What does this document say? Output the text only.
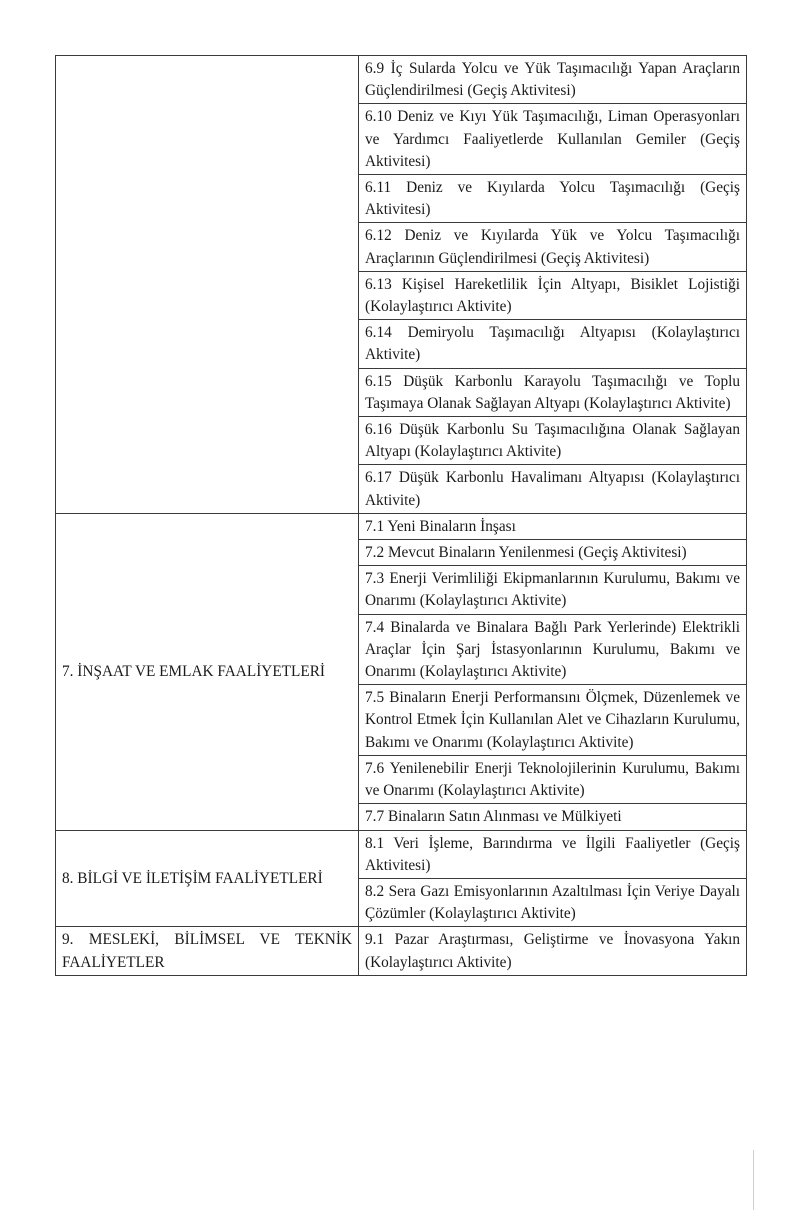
	6.9 İç Sularda Yolcu ve Yük Taşımacılığı Yapan Araçların Güçlendirilmesi (Geçiş Aktivitesi)

	6.10 Deniz ve Kıyı Yük Taşımacılığı, Liman Operasyonları ve Yardımcı Faaliyetlerde Kullanılan Gemiler (Geçiş Aktivitesi)

	6.11 Deniz ve Kıyılarda Yolcu Taşımacılığı (Geçiş Aktivitesi)

	6.12 Deniz ve Kıyılarda Yük ve Yolcu Taşımacılığı Araçlarının Güçlendirilmesi (Geçiş Aktivitesi)

	6.13 Kişisel Hareketlilik İçin Altyapı, Bisiklet Lojistiği (Kolaylaştırıcı Aktivite)

	6.14 Demiryolu Taşımacılığı Altyapısı (Kolaylaştırıcı Aktivite)

	6.15 Düşük Karbonlu Karayolu Taşımacılığı ve Toplu Taşımaya Olanak Sağlayan Altyapı (Kolaylaştırıcı Aktivite)

	6.16 Düşük Karbonlu Su Taşımacılığına Olanak Sağlayan Altyapı (Kolaylaştırıcı Aktivite)

	6.17 Düşük Karbonlu Havalimanı Altyapısı (Kolaylaştırıcı Aktivite)

7. İNŞAAT VE EMLAK FAALİYETLERİ	7.1 Yeni Binaların İnşası

	7.2 Mevcut Binaların Yenilenmesi (Geçiş Aktivitesi)

	7.3 Enerji Verimliliği Ekipmanlarının Kurulumu, Bakımı ve Onarımı (Kolaylaştırıcı Aktivite)

	7.4 Binalarda ve Binalara Bağlı Park Yerlerinde) Elektrikli Araçlar İçin Şarj İstasyonlarının Kurulumu, Bakımı ve Onarımı (Kolaylaştırıcı Aktivite)

	7.5 Binaların Enerji Performansını Ölçmek, Düzenlemek ve Kontrol Etmek İçin Kullanılan Alet ve Cihazların Kurulumu, Bakımı ve Onarımı (Kolaylaştırıcı Aktivite)

	7.6 Yenilenebilir Enerji Teknolojilerinin Kurulumu, Bakımı ve Onarımı (Kolaylaştırıcı Aktivite)

	7.7 Binaların Satın Alınması ve Mülkiyeti

8. BİLGİ VE İLETİŞİM FAALİYETLERİ	8.1 Veri İşleme, Barındırma ve İlgili Faaliyetler (Geçiş Aktivitesi)

	8.2 Sera Gazı Emisyonlarının Azaltılması İçin Veriye Dayalı Çözümler (Kolaylaştırıcı Aktivite)

9. MESLEKİ, BİLİMSEL VE TEKNİK FAALİYETLER	9.1 Pazar Araştırması, Geliştirme ve İnovasyona Yakın (Kolaylaştırıcı Aktivite)
